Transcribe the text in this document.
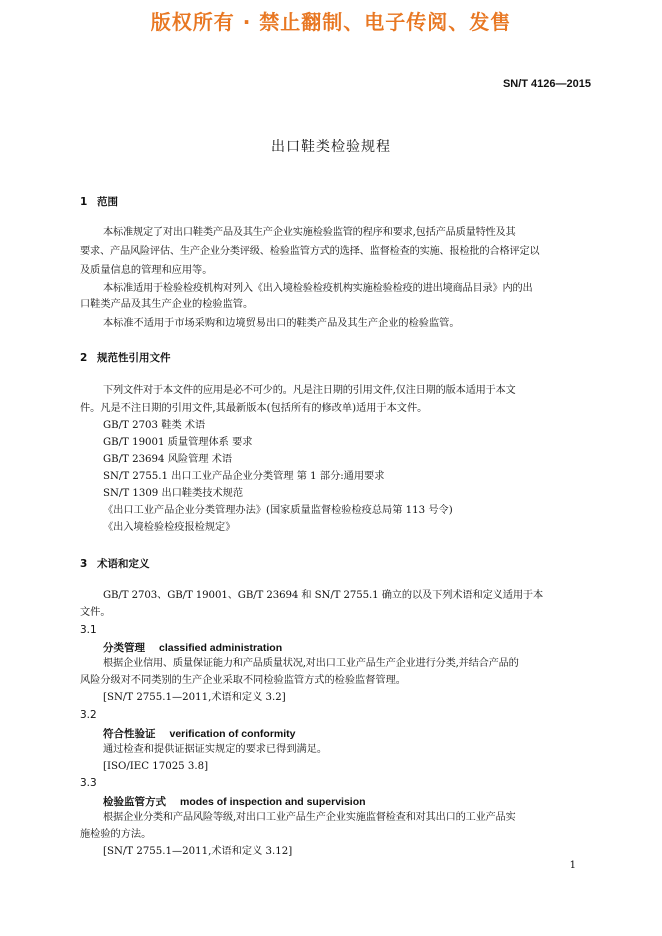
版权所有 · 禁止翻制、电子传阅、发售
SN/T 4126—2015
出口鞋类检验规程
1 范围
本标准规定了对出口鞋类产品及其生产企业实施检验监管的程序和要求,包括产品质量特性及其
要求、产品风险评估、生产企业分类评级、检验监管方式的选择、监督检查的实施、报检批的合格评定以
及质量信息的管理和应用等。
本标准适用于检验检疫机构对列入《出入境检验检疫机构实施检验检疫的进出境商品目录》内的出
口鞋类产品及其生产企业的检验监管。
本标准不适用于市场采购和边境贸易出口的鞋类产品及其生产企业的检验监管。
2 规范性引用文件
下列文件对于本文件的应用是必不可少的。凡是注日期的引用文件,仅注日期的版本适用于本文
件。凡是不注日期的引用文件,其最新版本(包括所有的修改单)适用于本文件。
GB/T 2703 鞋类 术语
GB/T 19001 质量管理体系 要求
GB/T 23694 风险管理 术语
SN/T 2755.1 出口工业产品企业分类管理 第 1 部分:通用要求
SN/T 1309 出口鞋类技术规范
《出口工业产品企业分类管理办法》(国家质量监督检验检疫总局第 113 号令)
《出入境检验检疫报检规定》
3 术语和定义
GB/T 2703、GB/T 19001、GB/T 23694 和 SN/T 2755.1 确立的以及下列术语和定义适用于本
文件。
3.1
分类管理 classified administration
根据企业信用、质量保证能力和产品质量状况,对出口工业产品生产企业进行分类,并结合产品的
风险分级对不同类别的生产企业采取不同检验监管方式的检验监督管理。
[SN/T 2755.1—2011,术语和定义 3.2]
3.2
符合性验证 verification of conformity
通过检查和提供证据证实规定的要求已得到满足。
[ISO/IEC 17025 3.8]
3.3
检验监管方式 modes of inspection and supervision
根据企业分类和产品风险等级,对出口工业产品生产企业实施监督检查和对其出口的工业产品实
施检验的方法。
[SN/T 2755.1—2011,术语和定义 3.12]
1
